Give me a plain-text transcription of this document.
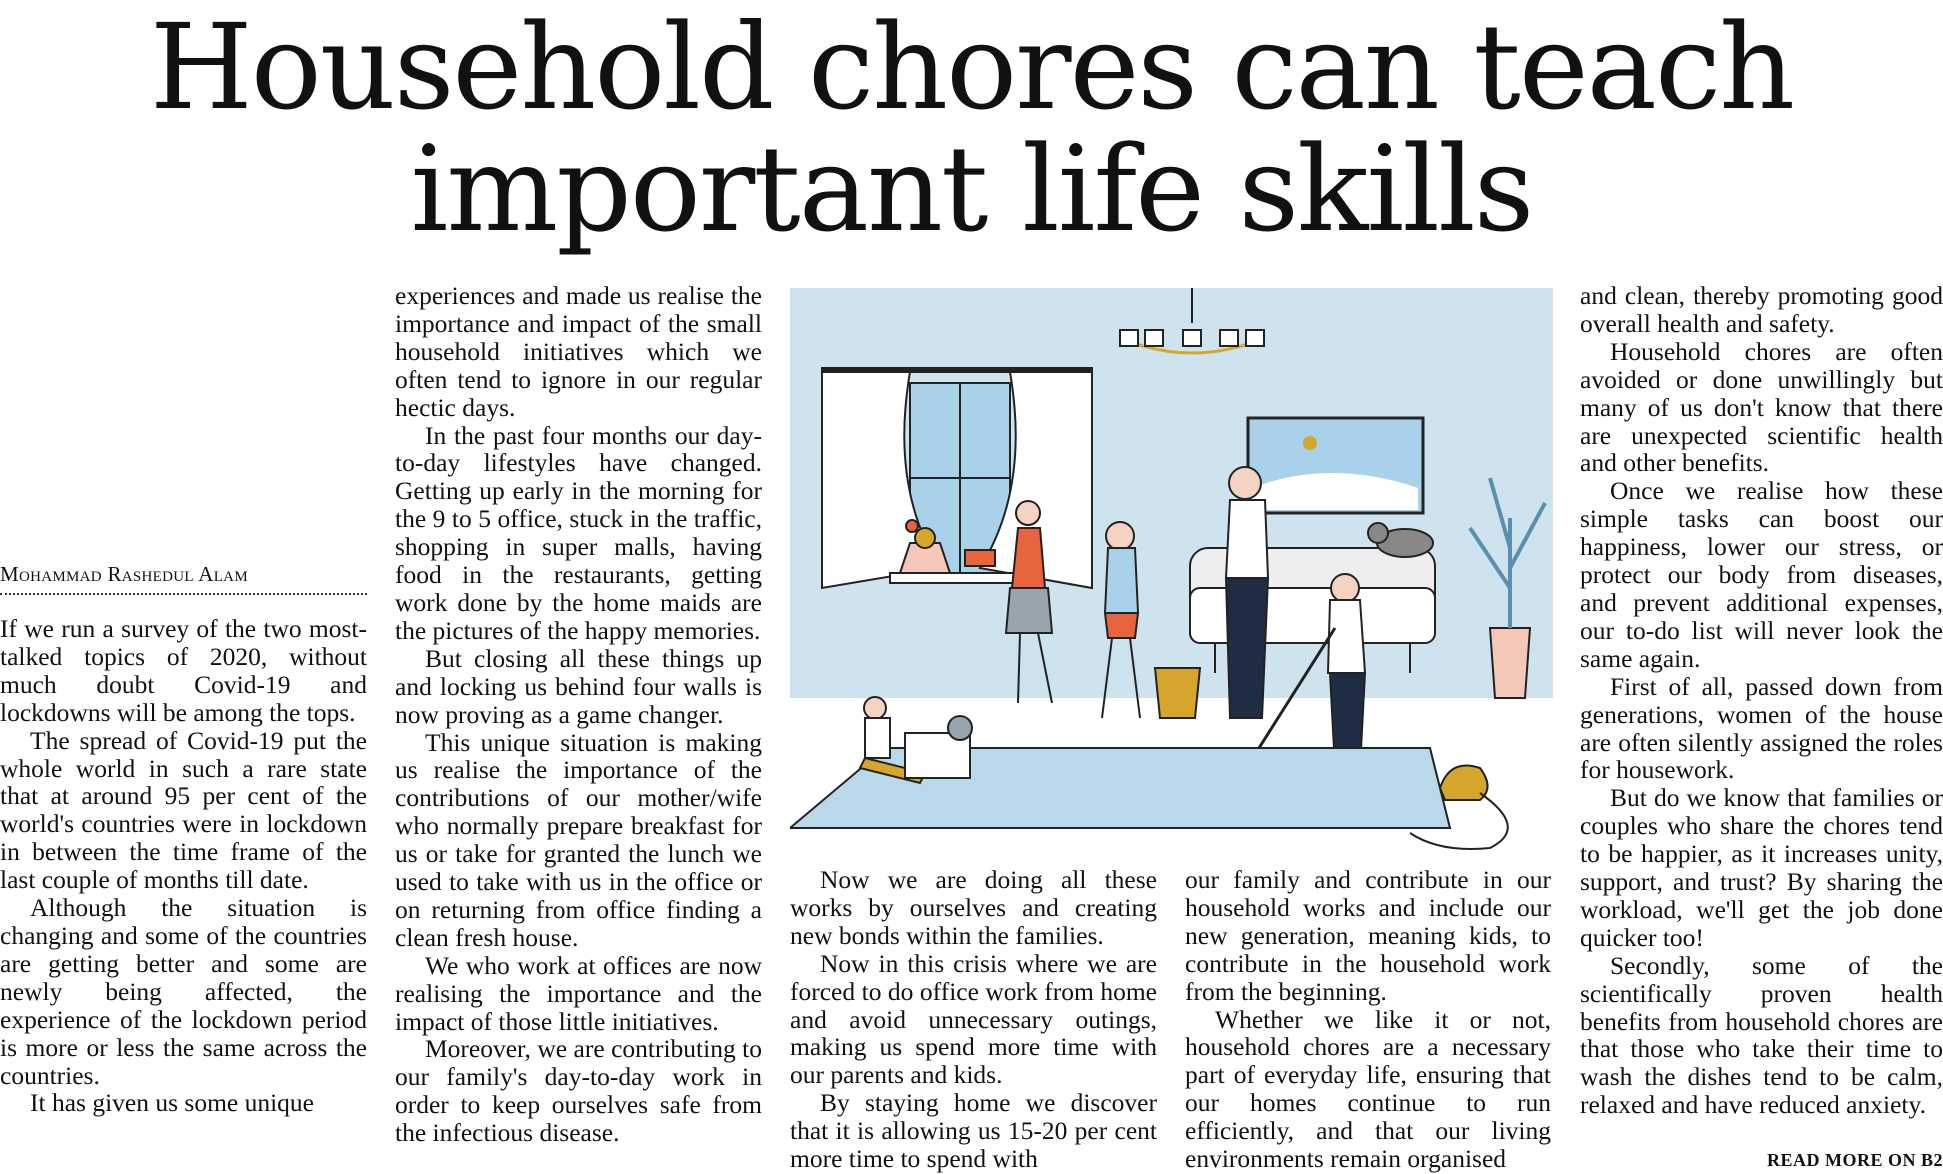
Household chores can teach
important life skills
Mohammad Rashedul Alam

If we run a survey of the two most-talked topics of 2020, without much doubt Covid-19 and lockdowns will be among the tops.

The spread of Covid-19 put the whole world in such a rare state that at around 95 per cent of the world's countries were in lockdown in between the time frame of the last couple of months till date.

Although the situation is changing and some of the countries are getting better and some are newly being affected, the experience of the lockdown period is more or less the same across the countries.

It has given us some unique

experiences and made us realise the importance and impact of the small household initiatives which we often tend to ignore in our regular hectic days.

In the past four months our day-to-day lifestyles have changed. Getting up early in the morning for the 9 to 5 office, stuck in the traffic, shopping in super malls, having food in the restaurants, getting work done by the home maids are the pictures of the happy memories.

But closing all these things up and locking us behind four walls is now proving as a game changer.

This unique situation is making us realise the importance of the contributions of our mother/wife who normally prepare breakfast for us or take for granted the lunch we used to take with us in the office or on returning from office finding a clean fresh house.

We who work at offices are now realising the importance and the impact of those little initiatives.

Moreover, we are contributing to our family's day-to-day work in order to keep ourselves safe from the infectious disease.

Now we are doing all these works by ourselves and creating new bonds within the families.

Now in this crisis where we are forced to do office work from home and avoid unnecessary outings, making us spend more time with our parents and kids.

By staying home we discover that it is allowing us 15-20 per cent more time to spend with

our family and contribute in our household works and include our new generation, meaning kids, to contribute in the household work from the beginning.

Whether we like it or not, household chores are a necessary part of everyday life, ensuring that our homes continue to run efficiently, and that our living environments remain organised

and clean, thereby promoting good overall health and safety.

Household chores are often avoided or done unwillingly but many of us don't know that there are unexpected scientific health and other benefits.

Once we realise how these simple tasks can boost our happiness, lower our stress, or protect our body from diseases, and prevent additional expenses, our to-do list will never look the same again.

First of all, passed down from generations, women of the house are often silently assigned the roles for housework.

But do we know that families or couples who share the chores tend to be happier, as it increases unity, support, and trust? By sharing the workload, we'll get the job done quicker too!

Secondly, some of the scientifically proven health benefits from household chores are that those who take their time to wash the dishes tend to be calm, relaxed and have reduced anxiety.

READ MORE ON B2
